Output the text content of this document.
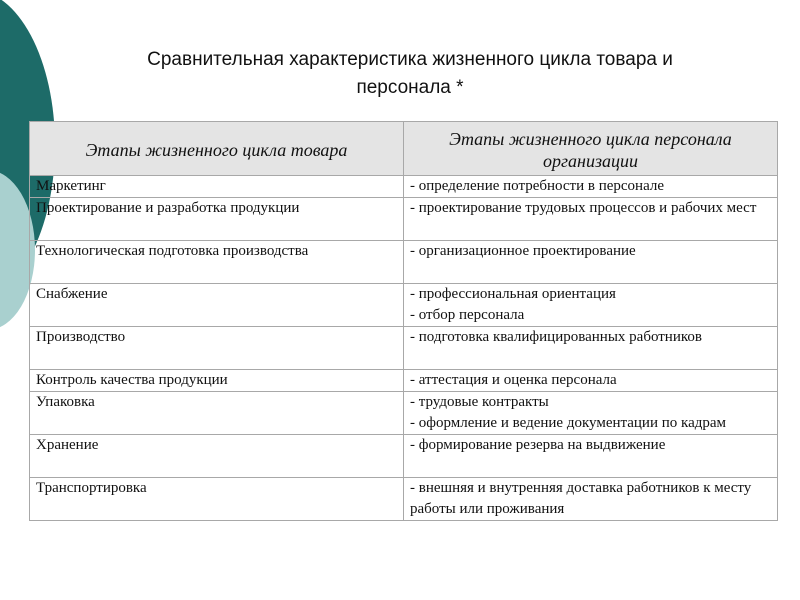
Сравнительная характеристика жизненного цикла товара и
персонала *
Этапы жизненного цикла товара	Этапы жизненного цикла персонала организации
Маркетинг	- определение потребности в персонале

Проектирование и разработка продукции	- проектирование трудовых процессов и рабочих мест

Технологическая подготовка производства	- организационное проектирование

Снабжение	- профессиональная ориентация
- отбор персонала

Производство	- подготовка квалифицированных работников

Контроль качества продукции	- аттестация и оценка персонала

Упаковка	- трудовые контракты
- оформление и ведение документации по кадрам

Хранение	- формирование резерва на выдвижение

Транспортировка	- внешняя и внутренняя доставка работников к месту работы или проживания
